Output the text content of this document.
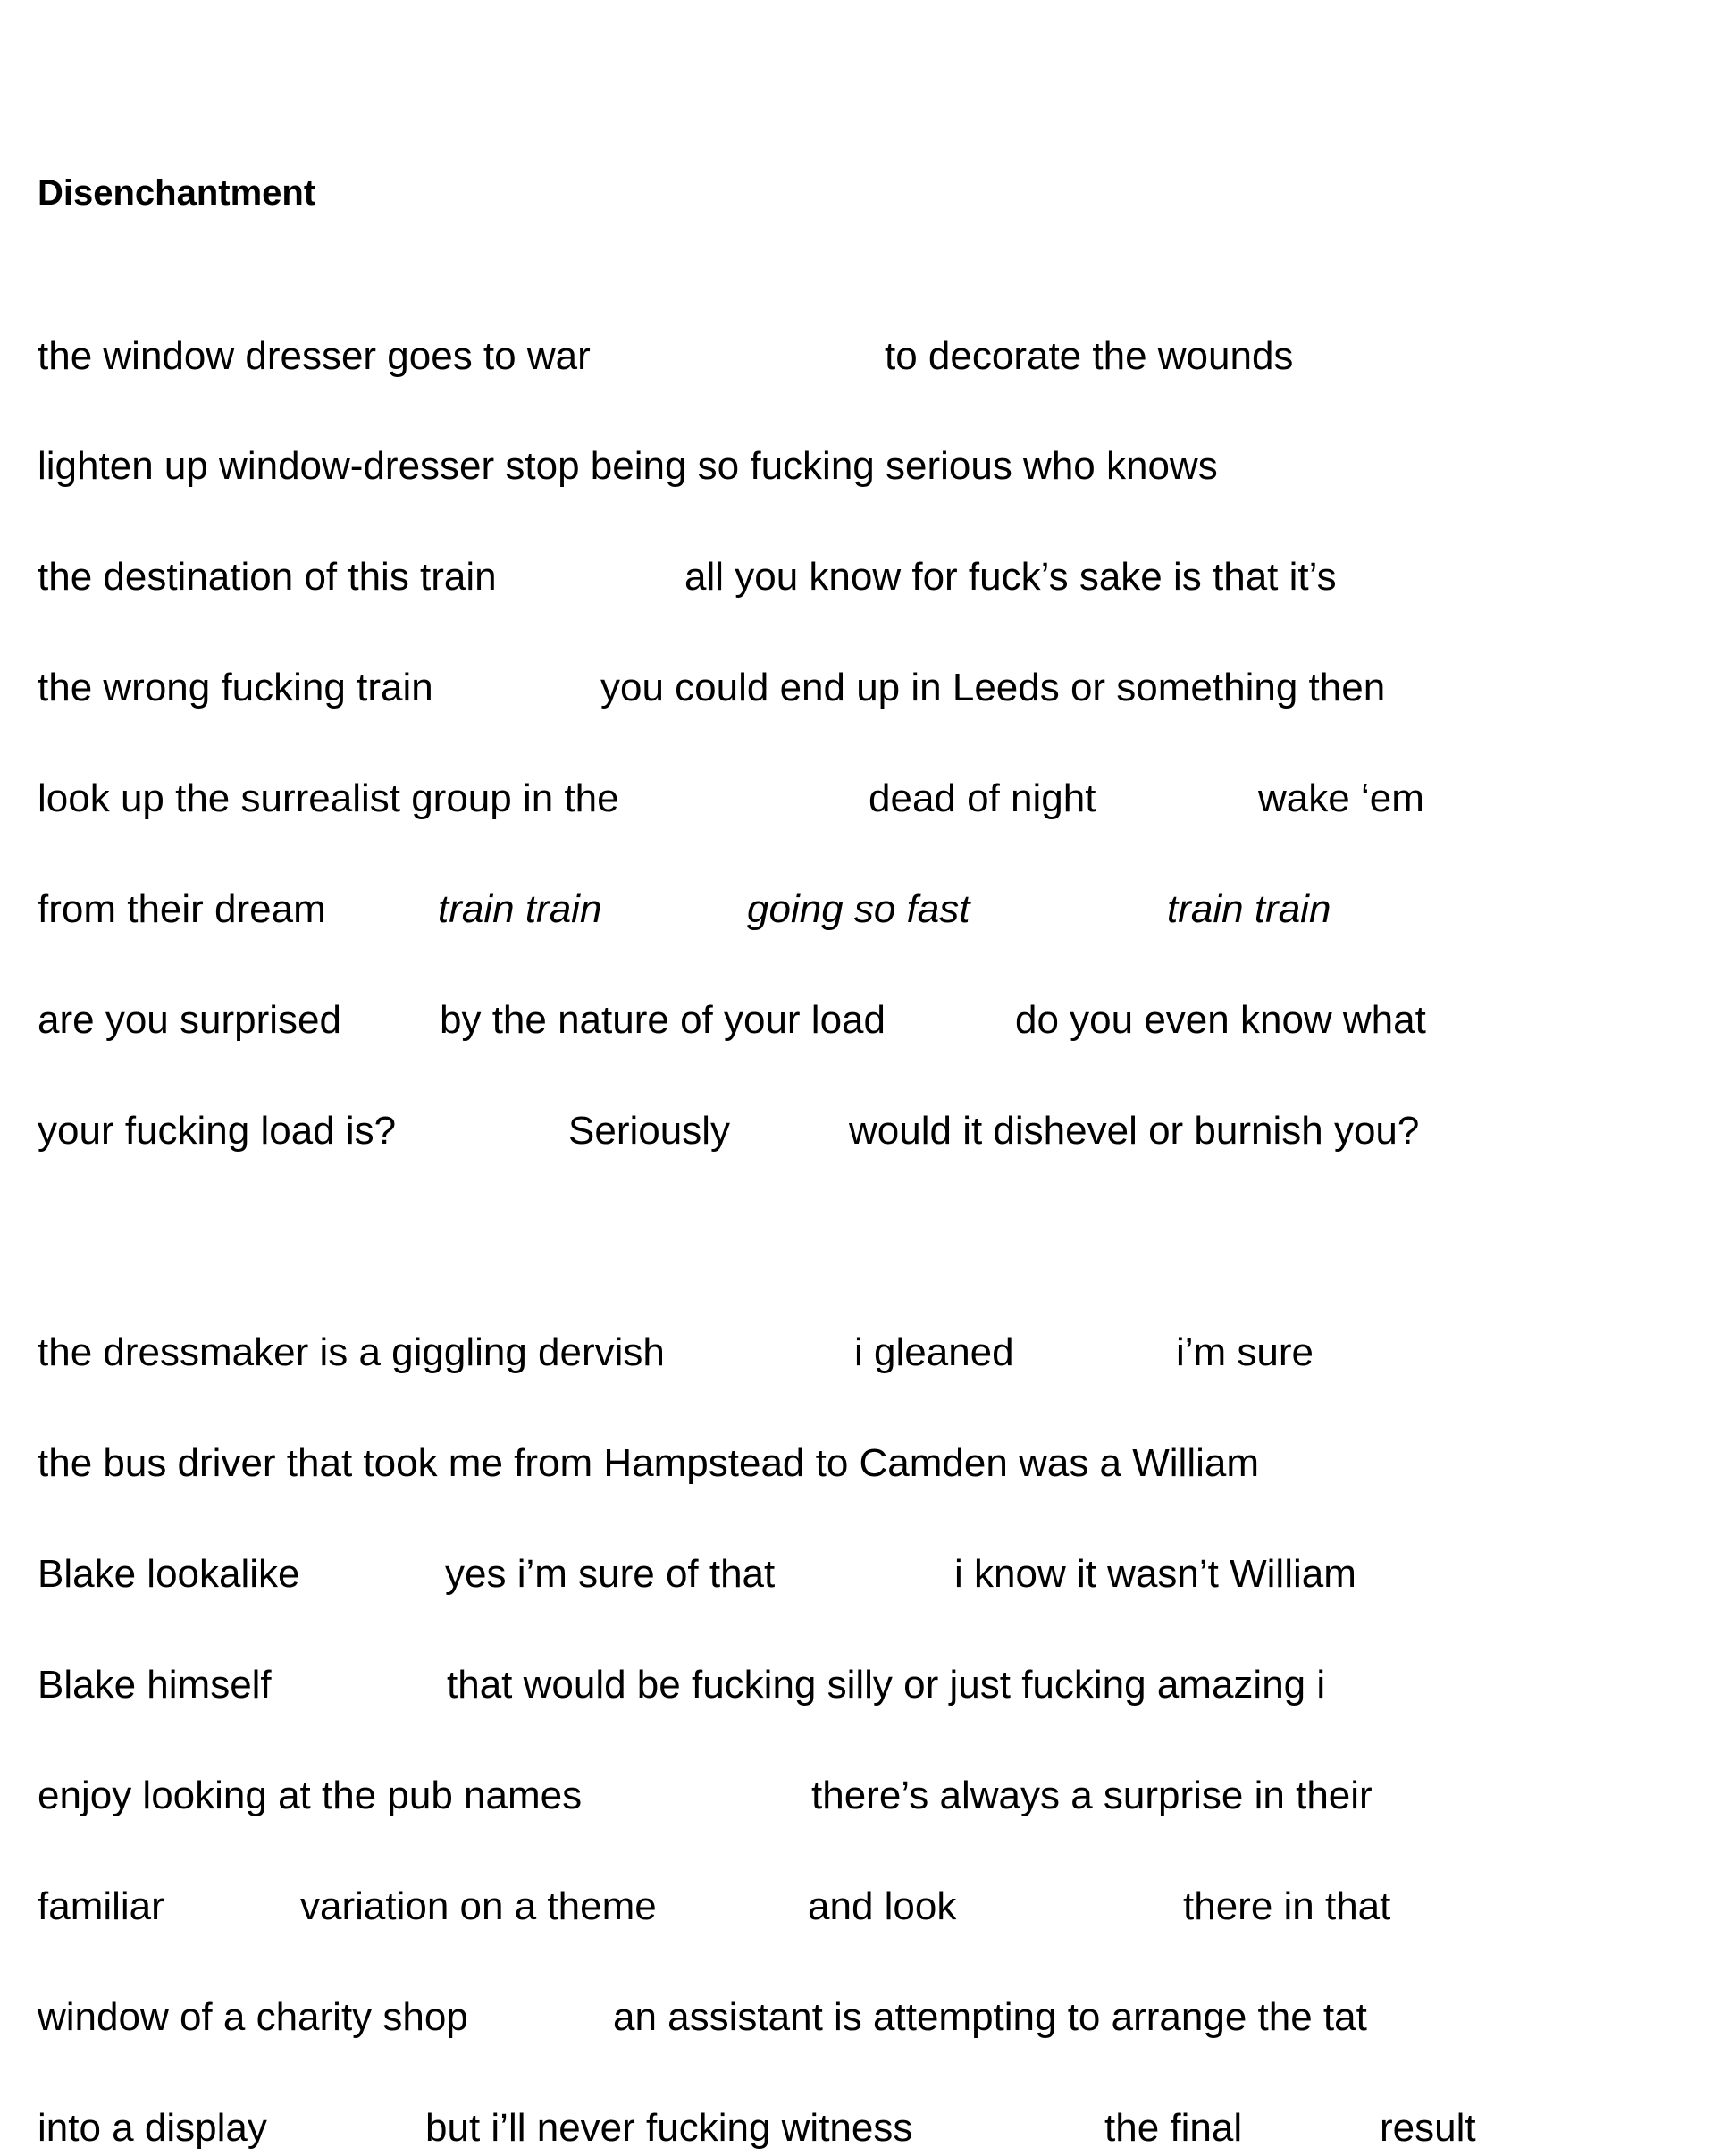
Disenchantment
the window dresser goes to war	to decorate the wounds
lighten up window-dresser stop being so fucking serious who knows
the destination of this train	all you know for fuck’s sake is that it’s
the wrong fucking train	you could end up in Leeds or something then
look up the surrealist group in the	dead of night	wake ‘em
from their dream	train train	going so fast	train train
are you surprised	by the nature of your load	do you even know what
your fucking load is?	Seriously	would it dishevel or burnish you?
the dressmaker is a giggling dervish	i gleaned	i’m sure
the bus driver that took me from Hampstead to Camden was a William
Blake lookalike	yes i’m sure of that	i know it wasn’t William
Blake himself	that would be fucking silly or just fucking amazing i
enjoy looking at the pub names	there’s always a surprise in their
familiar	variation on a theme	and look	there in that
window of a charity shop	an assistant is attempting to arrange the tat
into a display	but i’ll never fucking witness	the final	result
